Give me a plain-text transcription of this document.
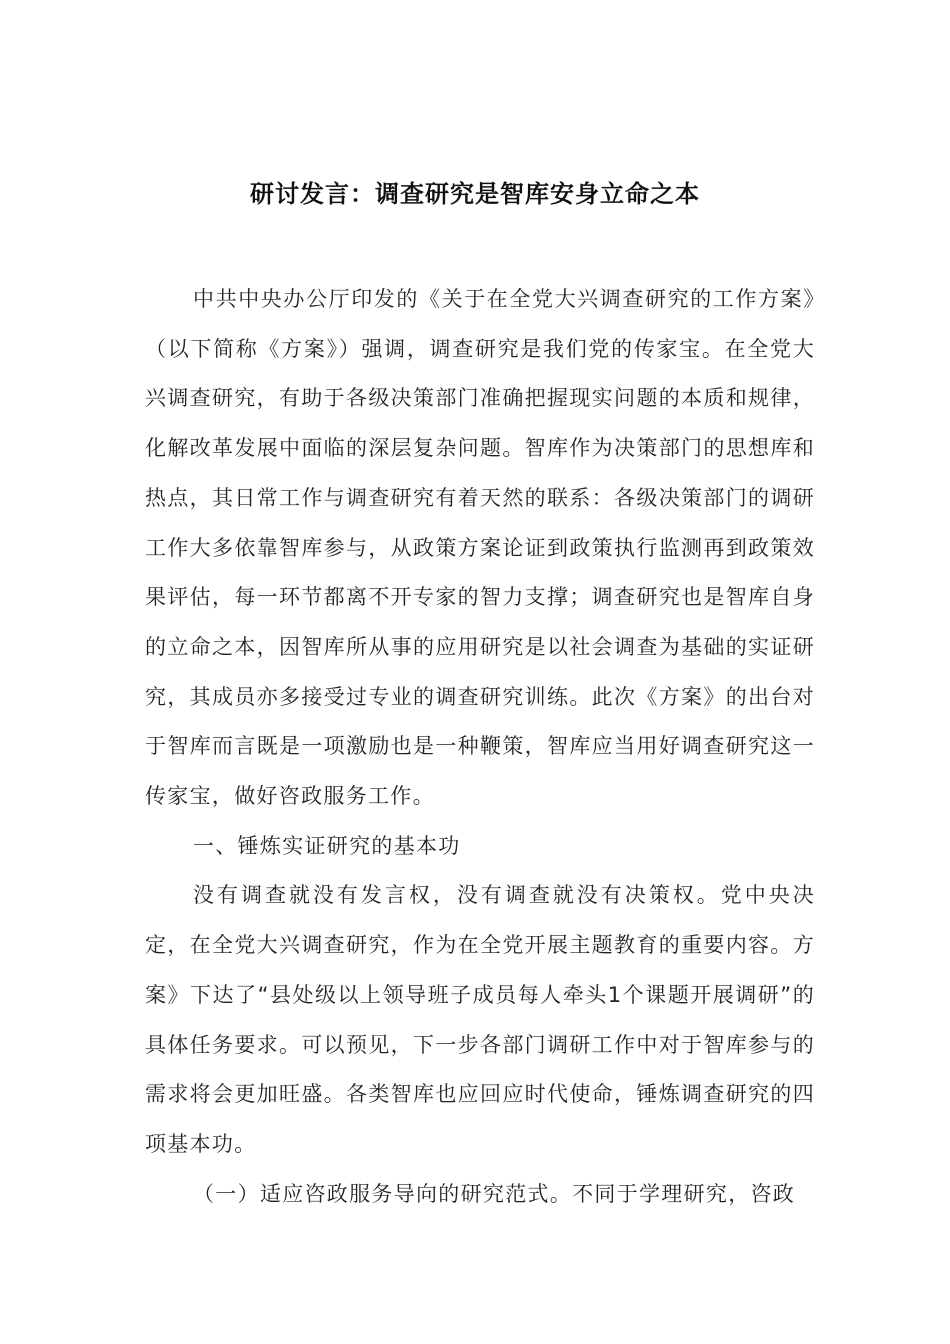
研讨发言：调查研究是智库安身立命之本

中共中央办公厅印发的《关于在全党大兴调查研究的工作方案》（以下简称《方案》）强调，调查研究是我们党的传家宝。在全党大兴调查研究，有助于各级决策部门准确把握现实问题的本质和规律，化解改革发展中面临的深层复杂问题。智库作为决策部门的思想库和热点，其日常工作与调查研究有着天然的联系：各级决策部门的调研工作大多依靠智库参与，从政策方案论证到政策执行监测再到政策效果评估，每一环节都离不开专家的智力支撑；调查研究也是智库自身的立命之本，因智库所从事的应用研究是以社会调查为基础的实证研究，其成员亦多接受过专业的调查研究训练。此次《方案》的出台对于智库而言既是一项激励也是一种鞭策，智库应当用好调查研究这一传家宝，做好咨政服务工作。

一、锤炼实证研究的基本功

没有调查就没有发言权，没有调查就没有决策权。党中央决定，在全党大兴调查研究，作为在全党开展主题教育的重要内容。方案》下达了“县处级以上领导班子成员每人牵头1个课题开展调研”的具体任务要求。可以预见，下一步各部门调研工作中对于智库参与的需求将会更加旺盛。各类智库也应回应时代使命，锤炼调查研究的四项基本功。

（一）适应咨政服务导向的研究范式。不同于学理研究，咨政
